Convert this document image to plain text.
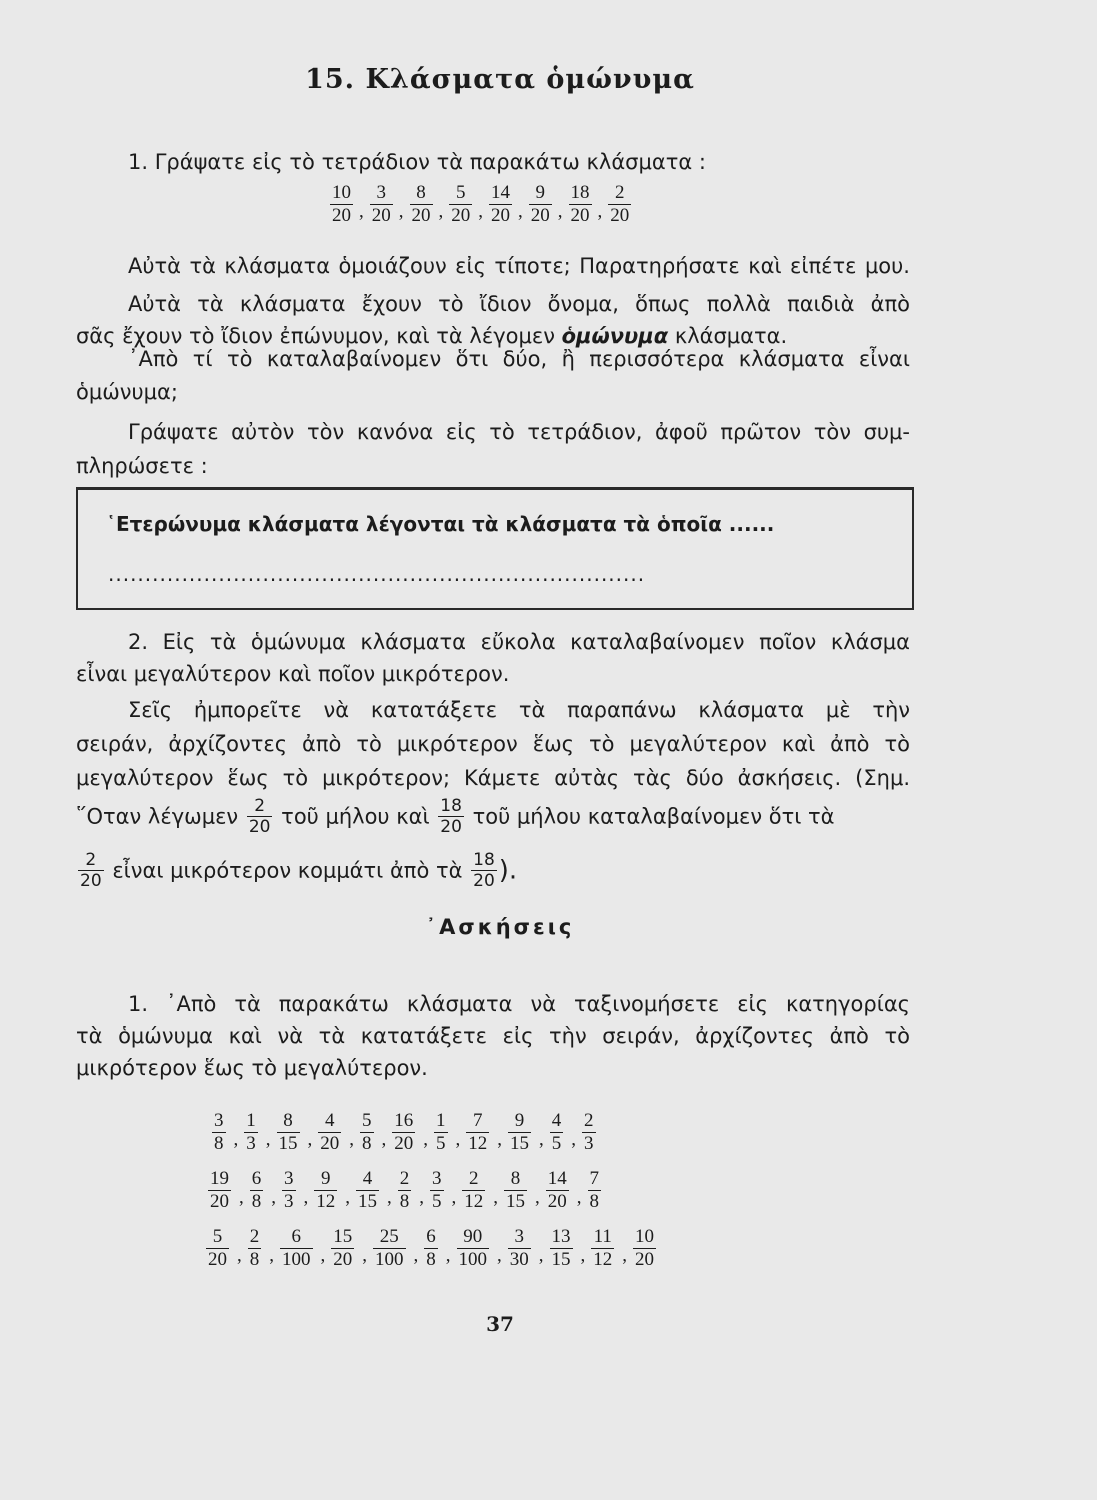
15. Κλάσματα ὁμώνυμα
1. Γράψατε εἰς τὸ τετράδιον τὰ παρακάτω κλάσματα :
$\frac{10}{20}$ , $\frac{3}{20}$ , $\frac{8}{20}$ , $\frac{5}{20}$ , $\frac{14}{20}$ , $\frac{9}{20}$ , $\frac{18}{20}$ , $\frac{2}{20}$
Αὐτὰ τὰ κλάσματα ὁμοιάζουν εἰς τίποτε; Παρατηρήσατε καὶ εἰπέτε μου.
Αὐτὰ τὰ κλάσματα ἔχουν τὸ ἴδιον ὄνομα, ὅπως πολλὰ παιδιὰ ἀπὸ
σᾶς ἔχουν τὸ ἴδιον ἐπώνυμον, καὶ τὰ λέγομεν ὁμώνυμα κλάσματα.
᾿Απὸ τί τὸ καταλαβαίνομεν ὅτι δύο, ἢ περισσότερα κλάσματα εἶναι
ὁμώνυμα;
Γράψατε αὐτὸν τὸν κανόνα εἰς τὸ τετράδιον, ἀφοῦ πρῶτον τὸν συμ-
πληρώσετε :
῾Ετερώνυμα κλάσματα λέγονται τὰ κλάσματα τὰ ὁποῖα ......
.........................................................................
2. Εἰς τὰ ὁμώνυμα κλάσματα εὔκολα καταλαβαίνομεν ποῖον κλάσμα
εἶναι μεγαλύτερον καὶ ποῖον μικρότερον.
Σεῖς ἠμπορεῖτε νὰ κατατάξετε τὰ παραπάνω κλάσματα μὲ τὴν
σειράν, ἀρχίζοντες ἀπὸ τὸ μικρότερον ἕως τὸ μεγαλύτερον καὶ ἀπὸ τὸ
μεγαλύτερον ἕως τὸ μικρότερον; Κάμετε αὐτὰς τὰς δύο ἀσκήσεις. (Σημ.
῞Οταν λέγωμεν $\frac{2}{20}$ τοῦ μήλου καὶ $\frac{18}{20}$ τοῦ μήλου καταλαβαίνομεν ὅτι τὰ
$\frac{2}{20}$ εἶναι μικρότερον κομμάτι ἀπὸ τὰ $\frac{18}{20}$ ).
᾿Ασκήσεις
1. ᾿Απὸ τὰ παρακάτω κλάσματα νὰ ταξινομήσετε εἰς κατηγορίας
τὰ ὁμώνυμα καὶ νὰ τὰ κατατάξετε εἰς τὴν σειράν, ἀρχίζοντες ἀπὸ τὸ
μικρότερον ἕως τὸ μεγαλύτερον.
$\frac{3}{8}$ , $\frac{1}{3}$ , $\frac{8}{15}$ , $\frac{4}{20}$ , $\frac{5}{8}$ , $\frac{16}{20}$ , $\frac{1}{5}$ , $\frac{7}{12}$ , $\frac{9}{15}$ , $\frac{4}{5}$ , $\frac{2}{3}$
$\frac{19}{20}$ , $\frac{6}{8}$ , $\frac{3}{3}$ , $\frac{9}{12}$ , $\frac{4}{15}$ , $\frac{2}{8}$ , $\frac{3}{5}$ , $\frac{2}{12}$ , $\frac{8}{15}$ , $\frac{14}{20}$ , $\frac{7}{8}$
$\frac{5}{20}$ , $\frac{2}{8}$ , $\frac{6}{100}$ , $\frac{15}{20}$ , $\frac{25}{100}$ , $\frac{6}{8}$ , $\frac{90}{100}$ , $\frac{3}{30}$ , $\frac{13}{15}$ , $\frac{11}{12}$ , $\frac{10}{20}$
37
